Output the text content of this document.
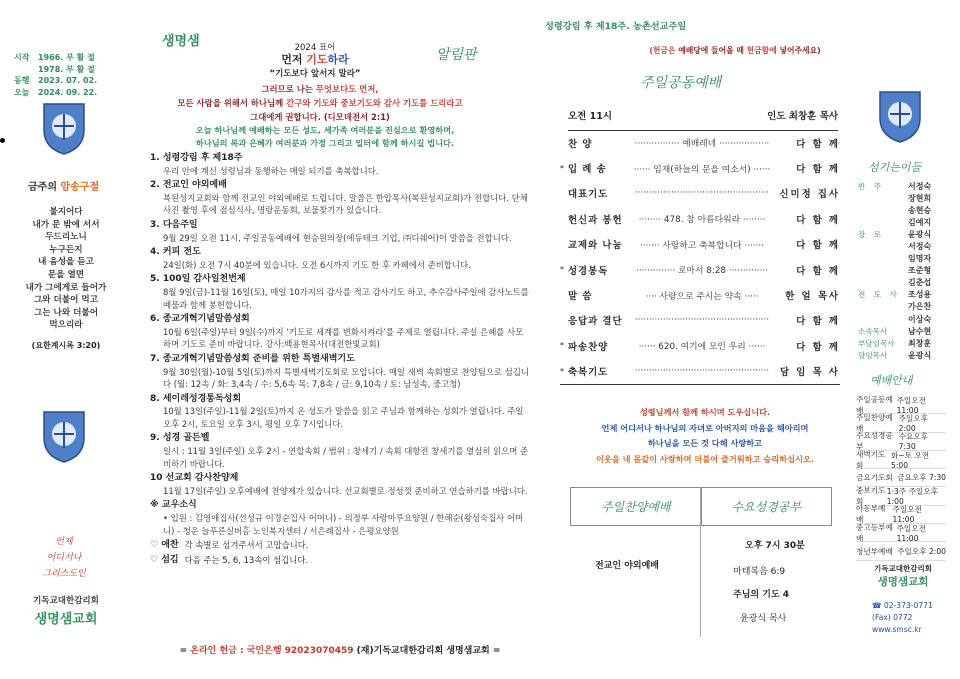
시작	1966. 부 활 절
1978. 부 활 절
동행	2023. 07. 02.
오늘	2024. 09. 22.
금주의 암송구절
불지어다
내가 문 밖에 서서
두드리노니
누구든지
내 음성을 듣고
문을 열면
내가 그에게로 들어가
그와 더불어 먹고
그는 나와 더불어
먹으리라
(요한계시록 3:20)
언제
어디서나
그리스도인
기독교대한감리회
생명샘교회
생명샘
알림판
2024 표어
먼저 기도하라
“기도보다 앞서지 말라”
그러므로 나는 무엇보다도 먼저,
모든 사람을 위해서 하나님께 간구와 기도와 중보기도와 감사 기도를 드리라고
그대에게 권합니다. (디모데전서 2:1)
오늘 하나님께 예배하는 모든 성도, 세가족 여러분을 진심으로 환영하며,
하나님의 복과 은혜가 여러분과 가정 그리고 일터에 함께 하시길 빕니다.
1. 성령강림 후 제18주
우리 안에 계신 성령님과 동행하는 매일 되기를 축복합니다.
2. 전교인 야외예배
복된성지교회와 함께 전교인 야외예배로 드립니다. 말씀은 한압목사(복된성지교회)가 전합니다. 단체사진 촬영 후에 점심식사, 명랑운동회, 보물찾기가 있습니다.
3. 다음주일
9월 29일 오전 11시, 주일공동예배에 현승원의장(에듀테크 기업, ㈜디쉐어)이 말씀을 전합니다.
4. 커피 전도
24일(화) 오전 7시 40분에 있습니다. 오전 6시까지 기도 한 후 카페에서 준비합니다.
5. 100일 감사일천번제
8월 9일(금)-11월 16일(토), 매일 10가지의 감사를 적고 감사기도 하고, 추수감사주일에 감사노트를 예물과 함께 봉헌합니다.
6. 종교개혁기념말씀성회
10월 6일(주일)부터 9일(수)까지 ‘기도로 세계를 변화시켜라’를 주제로 열립니다. 주실 은혜를 사모하며 기도로 준비 바랍니다. 강사:백용현목사(대전한빛교회)
7. 종교개혁기념말씀성회 준비를 위한 특별새벽기도
9월 30일(월)-10월 5일(토)까지 특별새벽기도회로 모입니다. 매일 새벽 속회별로 찬양팀으로 섬깁니다 (월: 12속 / 화: 3,4속 / 수: 5,6속 목: 7,8속 / 금: 9,10속 / 토: 남성속, 중고청)
8. 세이레성경통독성회
10월 13일(주일)-11월 2일(토)까지 온 성도가 말씀을 읽고 주님과 함께하는 성회가 열립니다. 주일 오후 2시, 토요일 오후 3시, 평일 오후 7시입니다.
9. 성경 골든벨
일시 : 11월 3일(주일) 오후 2시 - 연합속회 / 범위 : 창세기 / 속회 대항전 창세기를 열심히 읽으며 준비하기 바랍니다.
10 선교회 감사찬양제
11월 17일(주일) 오후예배에 찬양제가 있습니다. 선교회별로 정성껏 준비하고 연습하기를 바랍니다.
※ 교우소식
• 입원 : 김영애집사(선성규 이경순집사 어머니) - 의정부 사랑마루요양원 / 한해순(왕성숙집사 어머니) - 청운 늘푸른실버홈 노인복지센터 / 서은례집사 - 은평요양원
♡ 애찬 각 속별로 섬겨주셔서 고맙습니다.
♡ 섬김 다음 주는 5, 6, 13속이 섬깁니다.
= 온라인 헌금 : 국민은행 92023070459 (재)기독교대한감리회 생명샘교회 =
성령강림 후 제18주. 농촌선교주일
(헌금은 예배당에 들어올 때 헌금함에 넣어주세요)
주일공동예배
오전 11시	인도 최창훈 목사
찬 양	················ 예배레네 ··················	다 함 께
* 입 례 송	······ 임재(하늘의 문을 여소서) ······	다 함 께
대표기도	················································	신미정 집사
헌신과 봉헌	········ 478. 참 아름다워라 ········	다 함 께
교제와 나눔	······· 사랑하고 축복합니다 ·······	다 함 께
* 성경봉독	·············· 로마서 8:28 ··············	다 함 께
말 씀	···· 사랑으로 주시는 약속 ·····	한 얼 목사
응답과 결단	················································	다 함 께
* 파송찬양	······ 620. 여기에 모인 우리 ······	다 함 께
* 축복기도	················································	담 임 목 사
성령님께서 함께 하시며 도우십니다.
언제 어디서나 하나님의 자녀로 아버지의 마음을 헤아리며
하나님을 모든 것 다해 사랑하고
이웃을 내 몸같이 사랑하며 더불어 즐거워하고 승리하십시오.
주일찬양예배	수요성경공부
전교인 야외예배
오후 7시 30분
마태복음 6:9
주님의 기도 4
윤광식 목사
섬기는이들
반 주	서정숙
장현희
송현승
김예지
장 로	윤광식
서정숙
임명자
조준형
김춘섭
전 도 사	조성용
가은찬
이상숙
소속목사	남수현
부담임목사	최창훈
담임목사	윤광식
예배안내
주일공동예배
주일오전 11:00
주일찬양예배
주일오후 2:00
수요성경공부
수요오후 7:30
새벽기도회
화~토 오전 5:00
금요기도회 금요오후 7:30
중보기도회
1·3주 주일오후 1:00
아동부예배
주일오전 11:00
중고등부예배
주일오전 11:00
청년부예배 주일오후 2:00
기독교대한감리회
생명샘교회
☎ 02-373-0771
(Fax) 0772
www.smsc.kr
